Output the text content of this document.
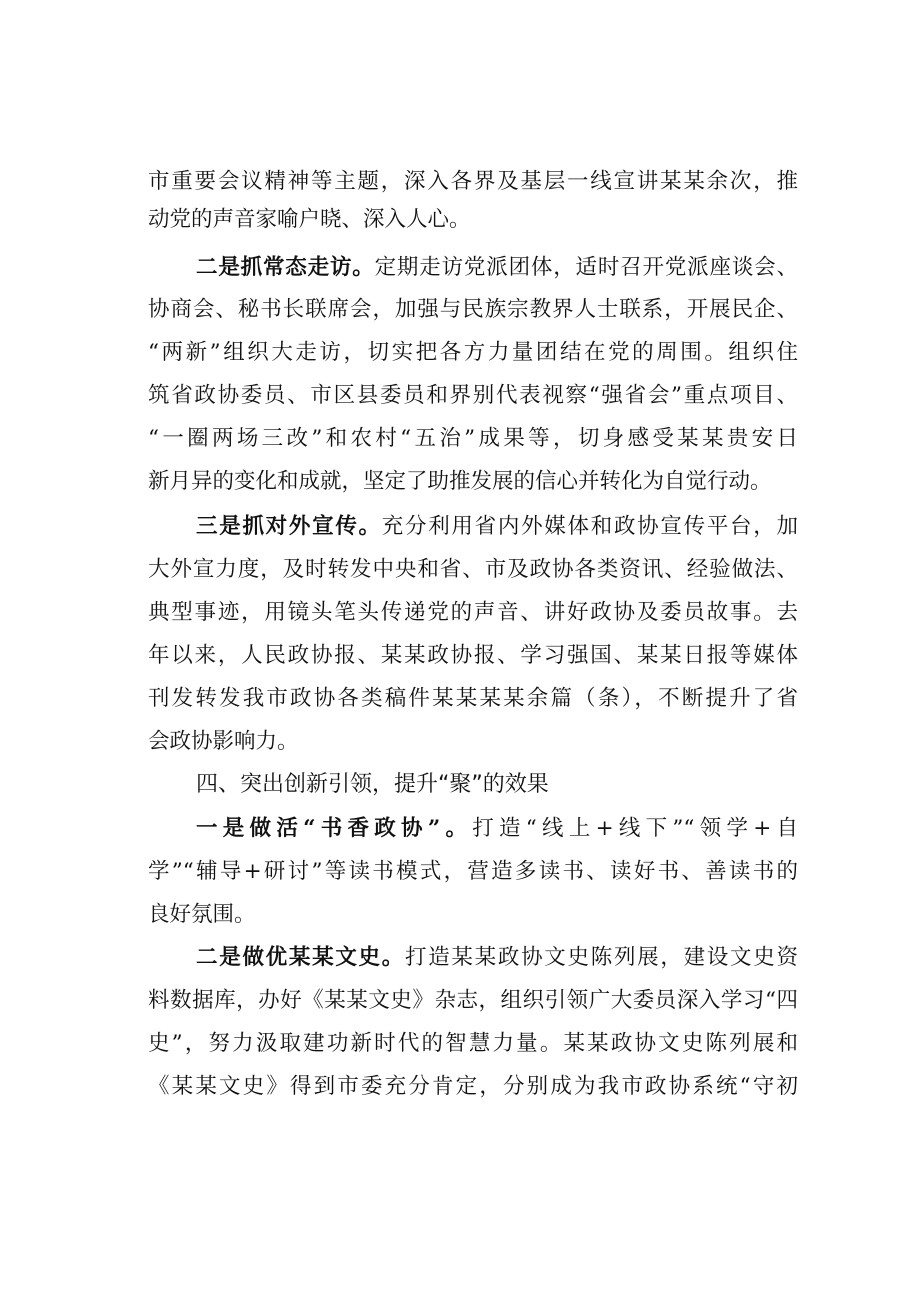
市重要会议精神等主题，深入各界及基层一线宣讲某某余次，推
动党的声音家喻户晓、深入人心。
二是抓常态走访。定期走访党派团体，适时召开党派座谈会、
协商会、秘书长联席会，加强与民族宗教界人士联系，开展民企、
“两新”组织大走访，切实把各方力量团结在党的周围。组织住
筑省政协委员、市区县委员和界别代表视察“强省会”重点项目、
“一圈两场三改”和农村“五治”成果等，切身感受某某贵安日
新月异的变化和成就，坚定了助推发展的信心并转化为自觉行动。
三是抓对外宣传。充分利用省内外媒体和政协宣传平台，加
大外宣力度，及时转发中央和省、市及政协各类资讯、经验做法、
典型事迹，用镜头笔头传递党的声音、讲好政协及委员故事。去
年以来，人民政协报、某某政协报、学习强国、某某日报等媒体
刊发转发我市政协各类稿件某某某某余篇（条），不断提升了省
会政协影响力。
四、突出创新引领，提升“聚”的效果
一是做活“书香政协”。打造“线上+线下”“领学+自
学”“辅导+研讨”等读书模式，营造多读书、读好书、善读书的
良好氛围。
二是做优某某文史。打造某某政协文史陈列展，建设文史资
料数据库，办好《某某文史》杂志，组织引领广大委员深入学习“四
史”，努力汲取建功新时代的智慧力量。某某政协文史陈列展和
《某某文史》得到市委充分肯定，分别成为我市政协系统“守初
